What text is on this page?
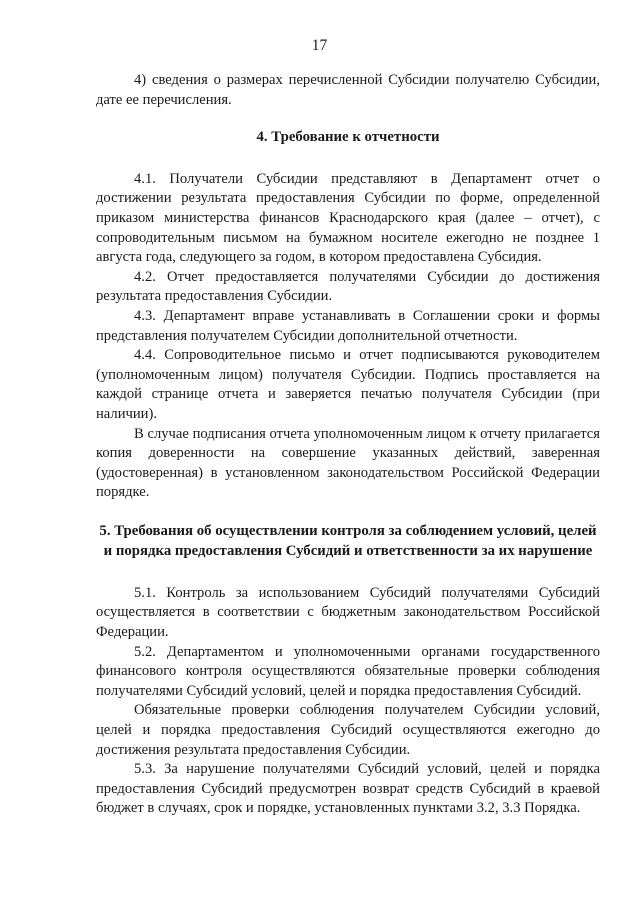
17

4) сведения о размерах перечисленной Субсидии получателю Субсидии, дате ее перечисления.

4. Требование к отчетности

4.1. Получатели Субсидии представляют в Департамент отчет о достижении результата предоставления Субсидии по форме, определенной приказом министерства финансов Краснодарского края (далее – отчет), с сопроводительным письмом на бумажном носителе ежегодно не позднее 1 августа года, следующего за годом, в котором предоставлена Субсидия.

4.2. Отчет предоставляется получателями Субсидии до достижения результата предоставления Субсидии.

4.3. Департамент вправе устанавливать в Соглашении сроки и формы представления получателем Субсидии дополнительной отчетности.

4.4. Сопроводительное письмо и отчет подписываются руководителем (уполномоченным лицом) получателя Субсидии. Подпись проставляется на каждой странице отчета и заверяется печатью получателя Субсидии (при наличии).

В случае подписания отчета уполномоченным лицом к отчету прилагается копия доверенности на совершение указанных действий, заверенная (удостоверенная) в установленном законодательством Российской Федерации порядке.

5. Требования об осуществлении контроля за соблюдением условий, целей и порядка предоставления Субсидий и ответственности за их нарушение

5.1. Контроль за использованием Субсидий получателями Субсидий осуществляется в соответствии с бюджетным законодательством Российской Федерации.

5.2. Департаментом и уполномоченными органами государственного финансового контроля осуществляются обязательные проверки соблюдения получателями Субсидий условий, целей и порядка предоставления Субсидий.

Обязательные проверки соблюдения получателем Субсидии условий, целей и порядка предоставления Субсидий осуществляются ежегодно до достижения результата предоставления Субсидии.

5.3. За нарушение получателями Субсидий условий, целей и порядка предоставления Субсидий предусмотрен возврат средств Субсидий в краевой бюджет в случаях, срок и порядке, установленных пунктами 3.2, 3.3 Порядка.
